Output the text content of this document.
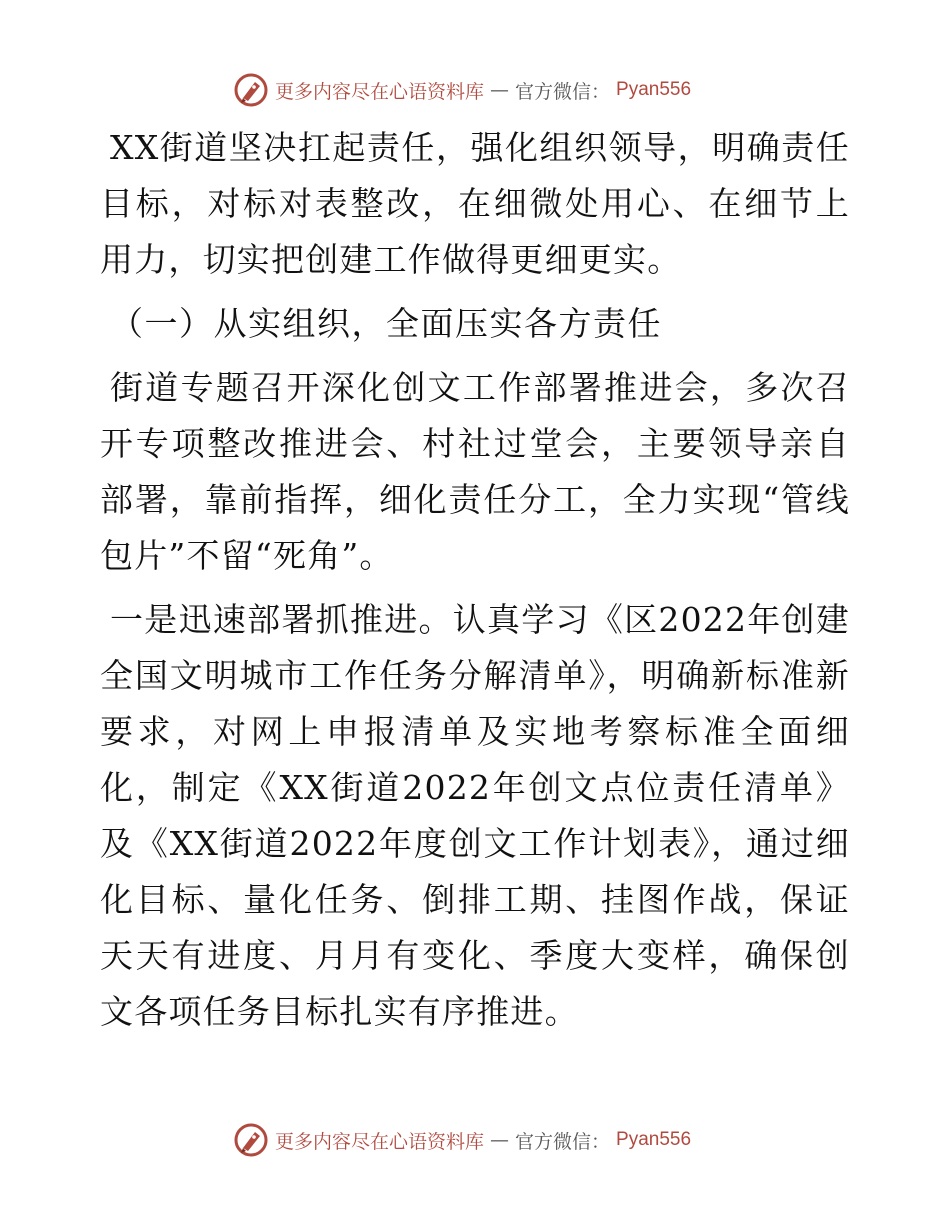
更多内容尽在心语资料库 — 官方微信： Pyan556

XX街道坚决扛起责任，强化组织领导，明确责任目标，对标对表整改，在细微处用心、在细节上用力，切实把创建工作做得更细更实。

（一）从实组织，全面压实各方责任

街道专题召开深化创文工作部署推进会，多次召开专项整改推进会、村社过堂会，主要领导亲自部署，靠前指挥，细化责任分工，全力实现“管线包片”不留“死角”。

一是迅速部署抓推进。认真学习《区2022年创建全国文明城市工作任务分解清单》，明确新标准新要求，对网上申报清单及实地考察标准全面细化，制定《XX街道2022年创文点位责任清单》及《XX街道2022年度创文工作计划表》，通过细化目标、量化任务、倒排工期、挂图作战，保证天天有进度、月月有变化、季度大变样，确保创文各项任务目标扎实有序推进。

更多内容尽在心语资料库 — 官方微信： Pyan556
